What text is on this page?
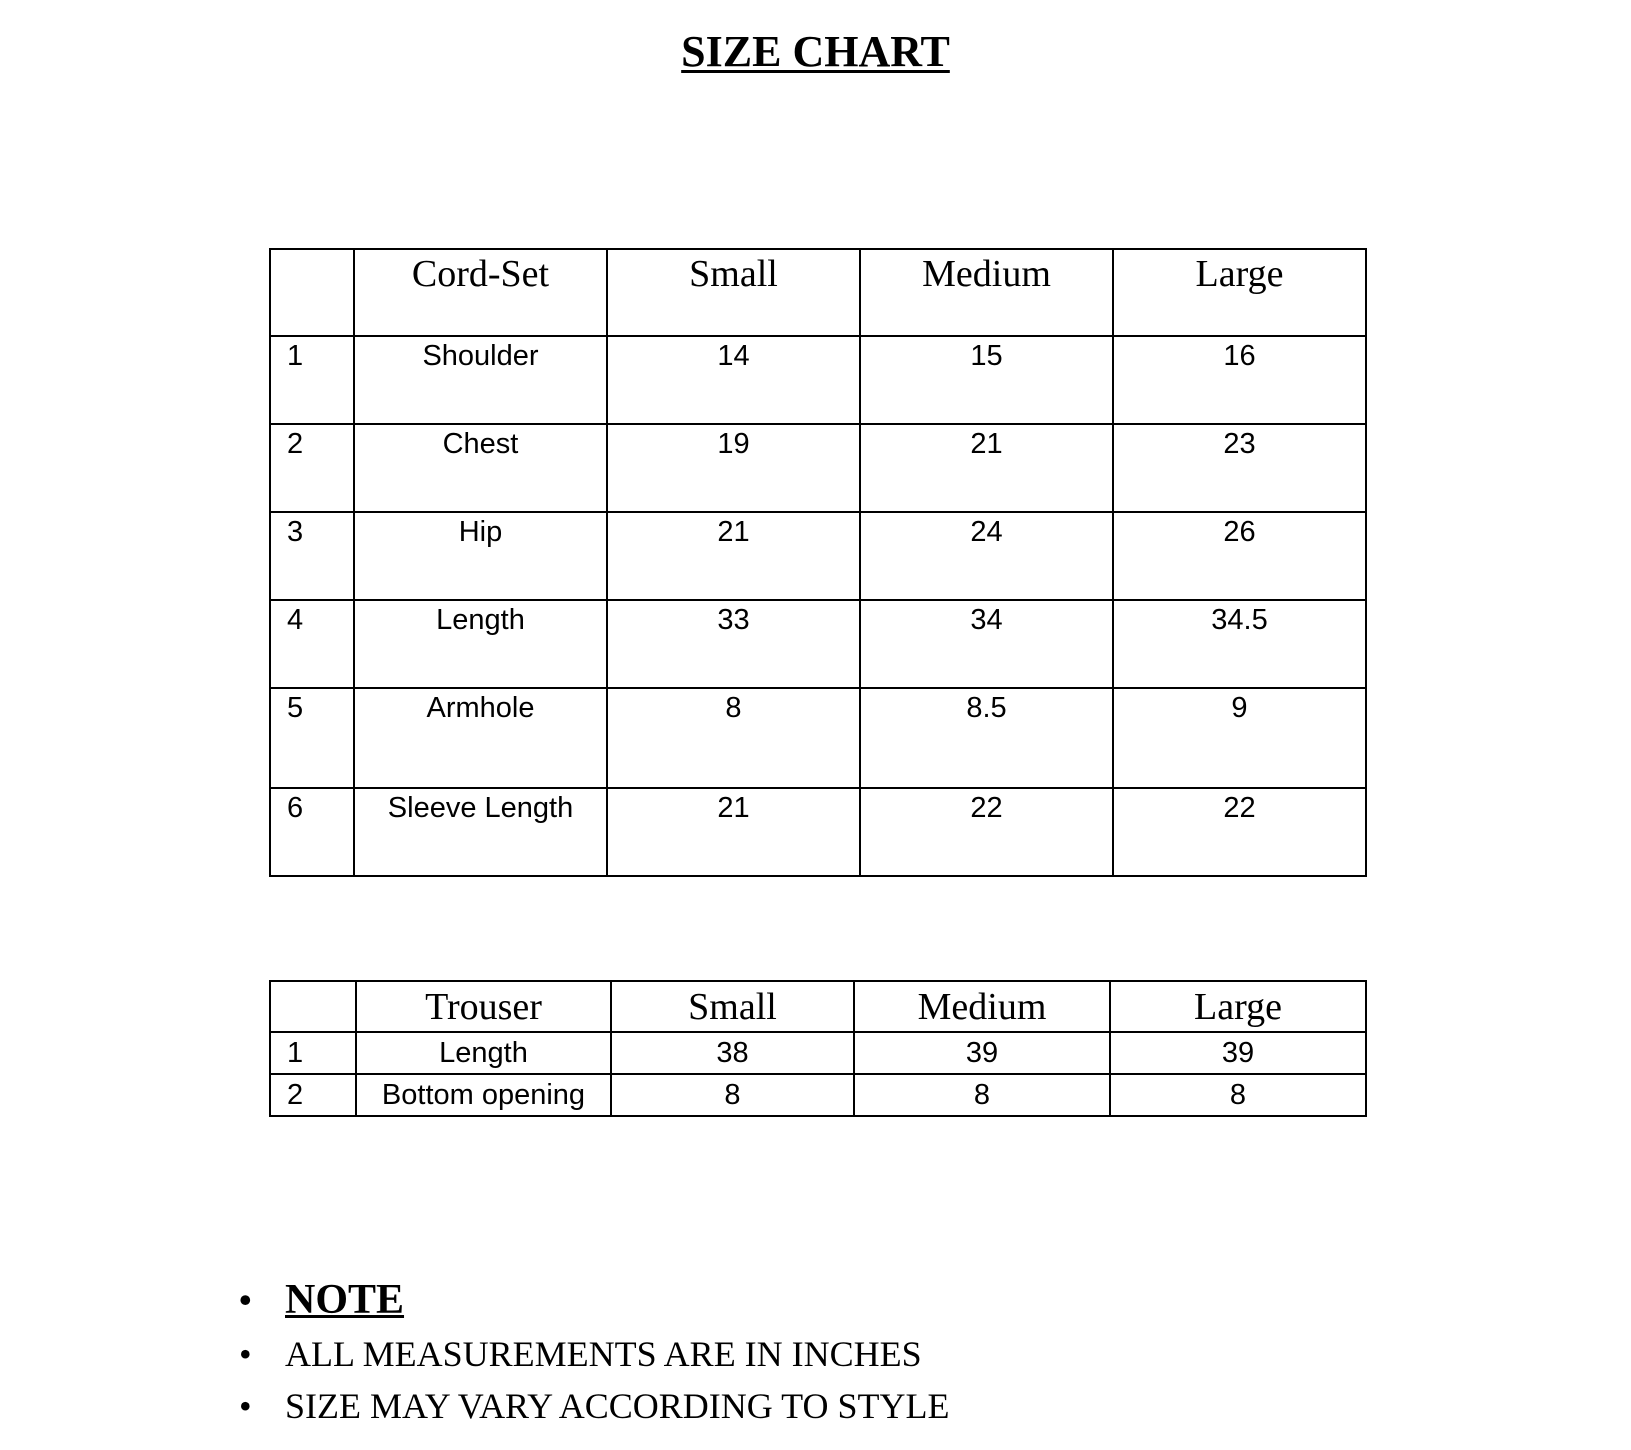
SIZE CHART
	Cord-Set	Small	Medium	Large
1	Shoulder	14	15	16
2	Chest	19	21	23
3	Hip	21	24	26
4	Length	33	34	34.5
5	Armhole	8	8.5	9
6	Sleeve Length	21	22	22
	Trouser	Small	Medium	Large
1	Length	38	39	39
2	Bottom opening	8	8	8
• NOTE
• ALL MEASUREMENTS ARE IN INCHES
• SIZE MAY VARY ACCORDING TO STYLE
